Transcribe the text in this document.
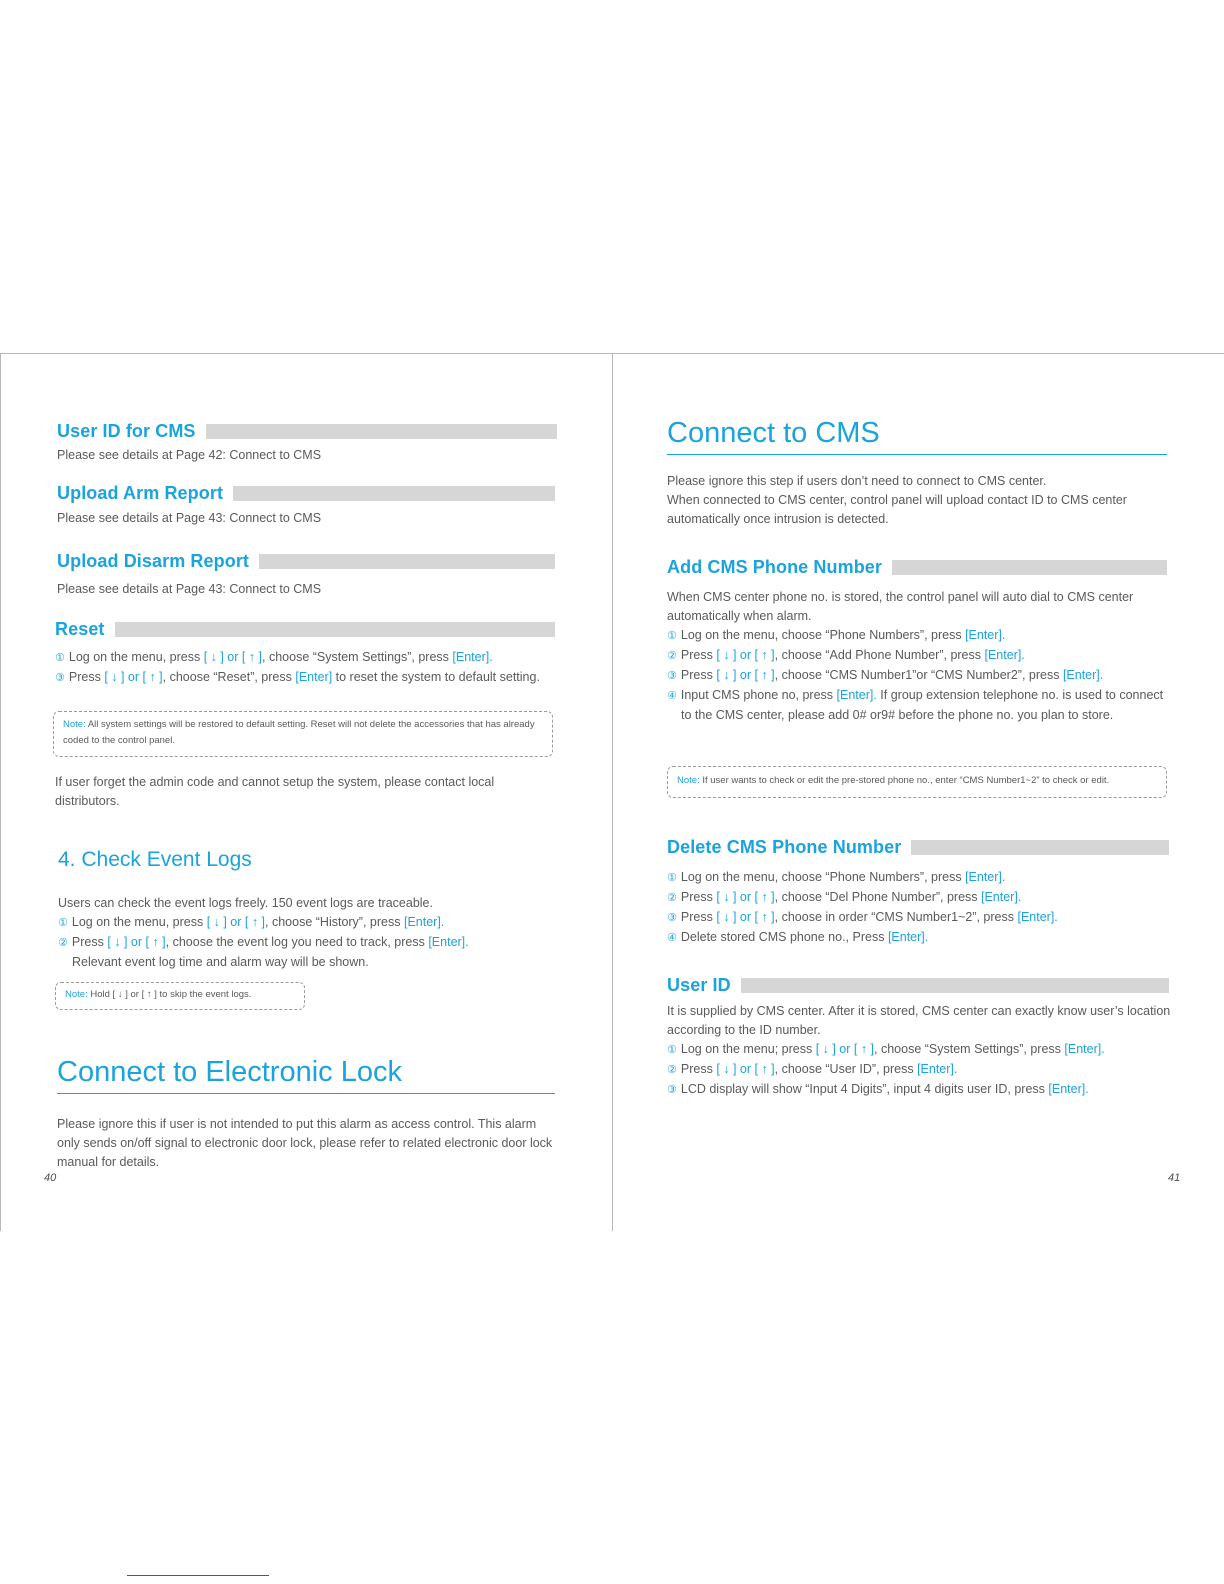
User ID for CMS
Please see details at Page 42: Connect to CMS
Upload Arm Report
Please see details at Page 43: Connect to CMS
Upload Disarm Report
Please see details at Page 43: Connect to CMS
Reset
① Log on the menu, press [ ↓ ] or [ ↑ ], choose “System Settings”, press [Enter].
③ Press [ ↓ ] or [ ↑ ], choose “Reset”, press [Enter] to reset the system to default setting.
Note: All system settings will be restored to default setting. Reset will not delete the accessories that has already coded to the control panel.
If user forget the admin code and cannot setup the system, please contact local distributors.
4. Check Event Logs
Users can check the event logs freely. 150 event logs are traceable.
① Log on the menu, press [ ↓ ] or [ ↑ ], choose “History”, press [Enter].
② Press [ ↓ ] or [ ↑ ], choose the event log you need to track, press [Enter].
Relevant event log time and alarm way will be shown.
Note: Hold [ ↓ ] or [ ↑ ] to skip the event logs.
Connect to Electronic Lock
Please ignore this if user is not intended to put this alarm as access control. This alarm only sends on/off signal to electronic door lock, please refer to related electronic door lock manual for details.
40
Connect to CMS
Please ignore this step if users don’t need to connect to CMS center.
When connected to CMS center, control panel will upload contact ID to CMS center automatically once intrusion is detected.
Add CMS Phone Number
When CMS center phone no. is stored, the control panel will auto dial to CMS center automatically when alarm.
① Log on the menu, choose “Phone Numbers”, press [Enter].
② Press [ ↓ ] or [ ↑ ], choose “Add Phone Number”, press [Enter].
③ Press [ ↓ ] or [ ↑ ], choose “CMS Number1”or “CMS Number2”, press [Enter].
④ Input CMS phone no, press [Enter]. If group extension telephone no. is used to connect to the CMS center, please add 0# or9# before the phone no. you plan to store.
Note: If user wants to check or edit the pre-stored phone no., enter “CMS Number1~2” to check or edit.
Delete CMS Phone Number
① Log on the menu, choose “Phone Numbers”, press [Enter].
② Press [ ↓ ] or [ ↑ ], choose “Del Phone Number”, press [Enter].
③ Press [ ↓ ] or [ ↑ ], choose in order “CMS Number1~2”, press [Enter].
④ Delete stored CMS phone no., Press [Enter].
User ID
It is supplied by CMS center. After it is stored, CMS center can exactly know user’s location according to the ID number.
① Log on the menu; press [ ↓ ] or [ ↑ ], choose “System Settings”, press [Enter].
② Press [ ↓ ] or [ ↑ ], choose “User ID”, press [Enter].
③ LCD display will show “Input 4 Digits”, input 4 digits user ID, press [Enter].
41
